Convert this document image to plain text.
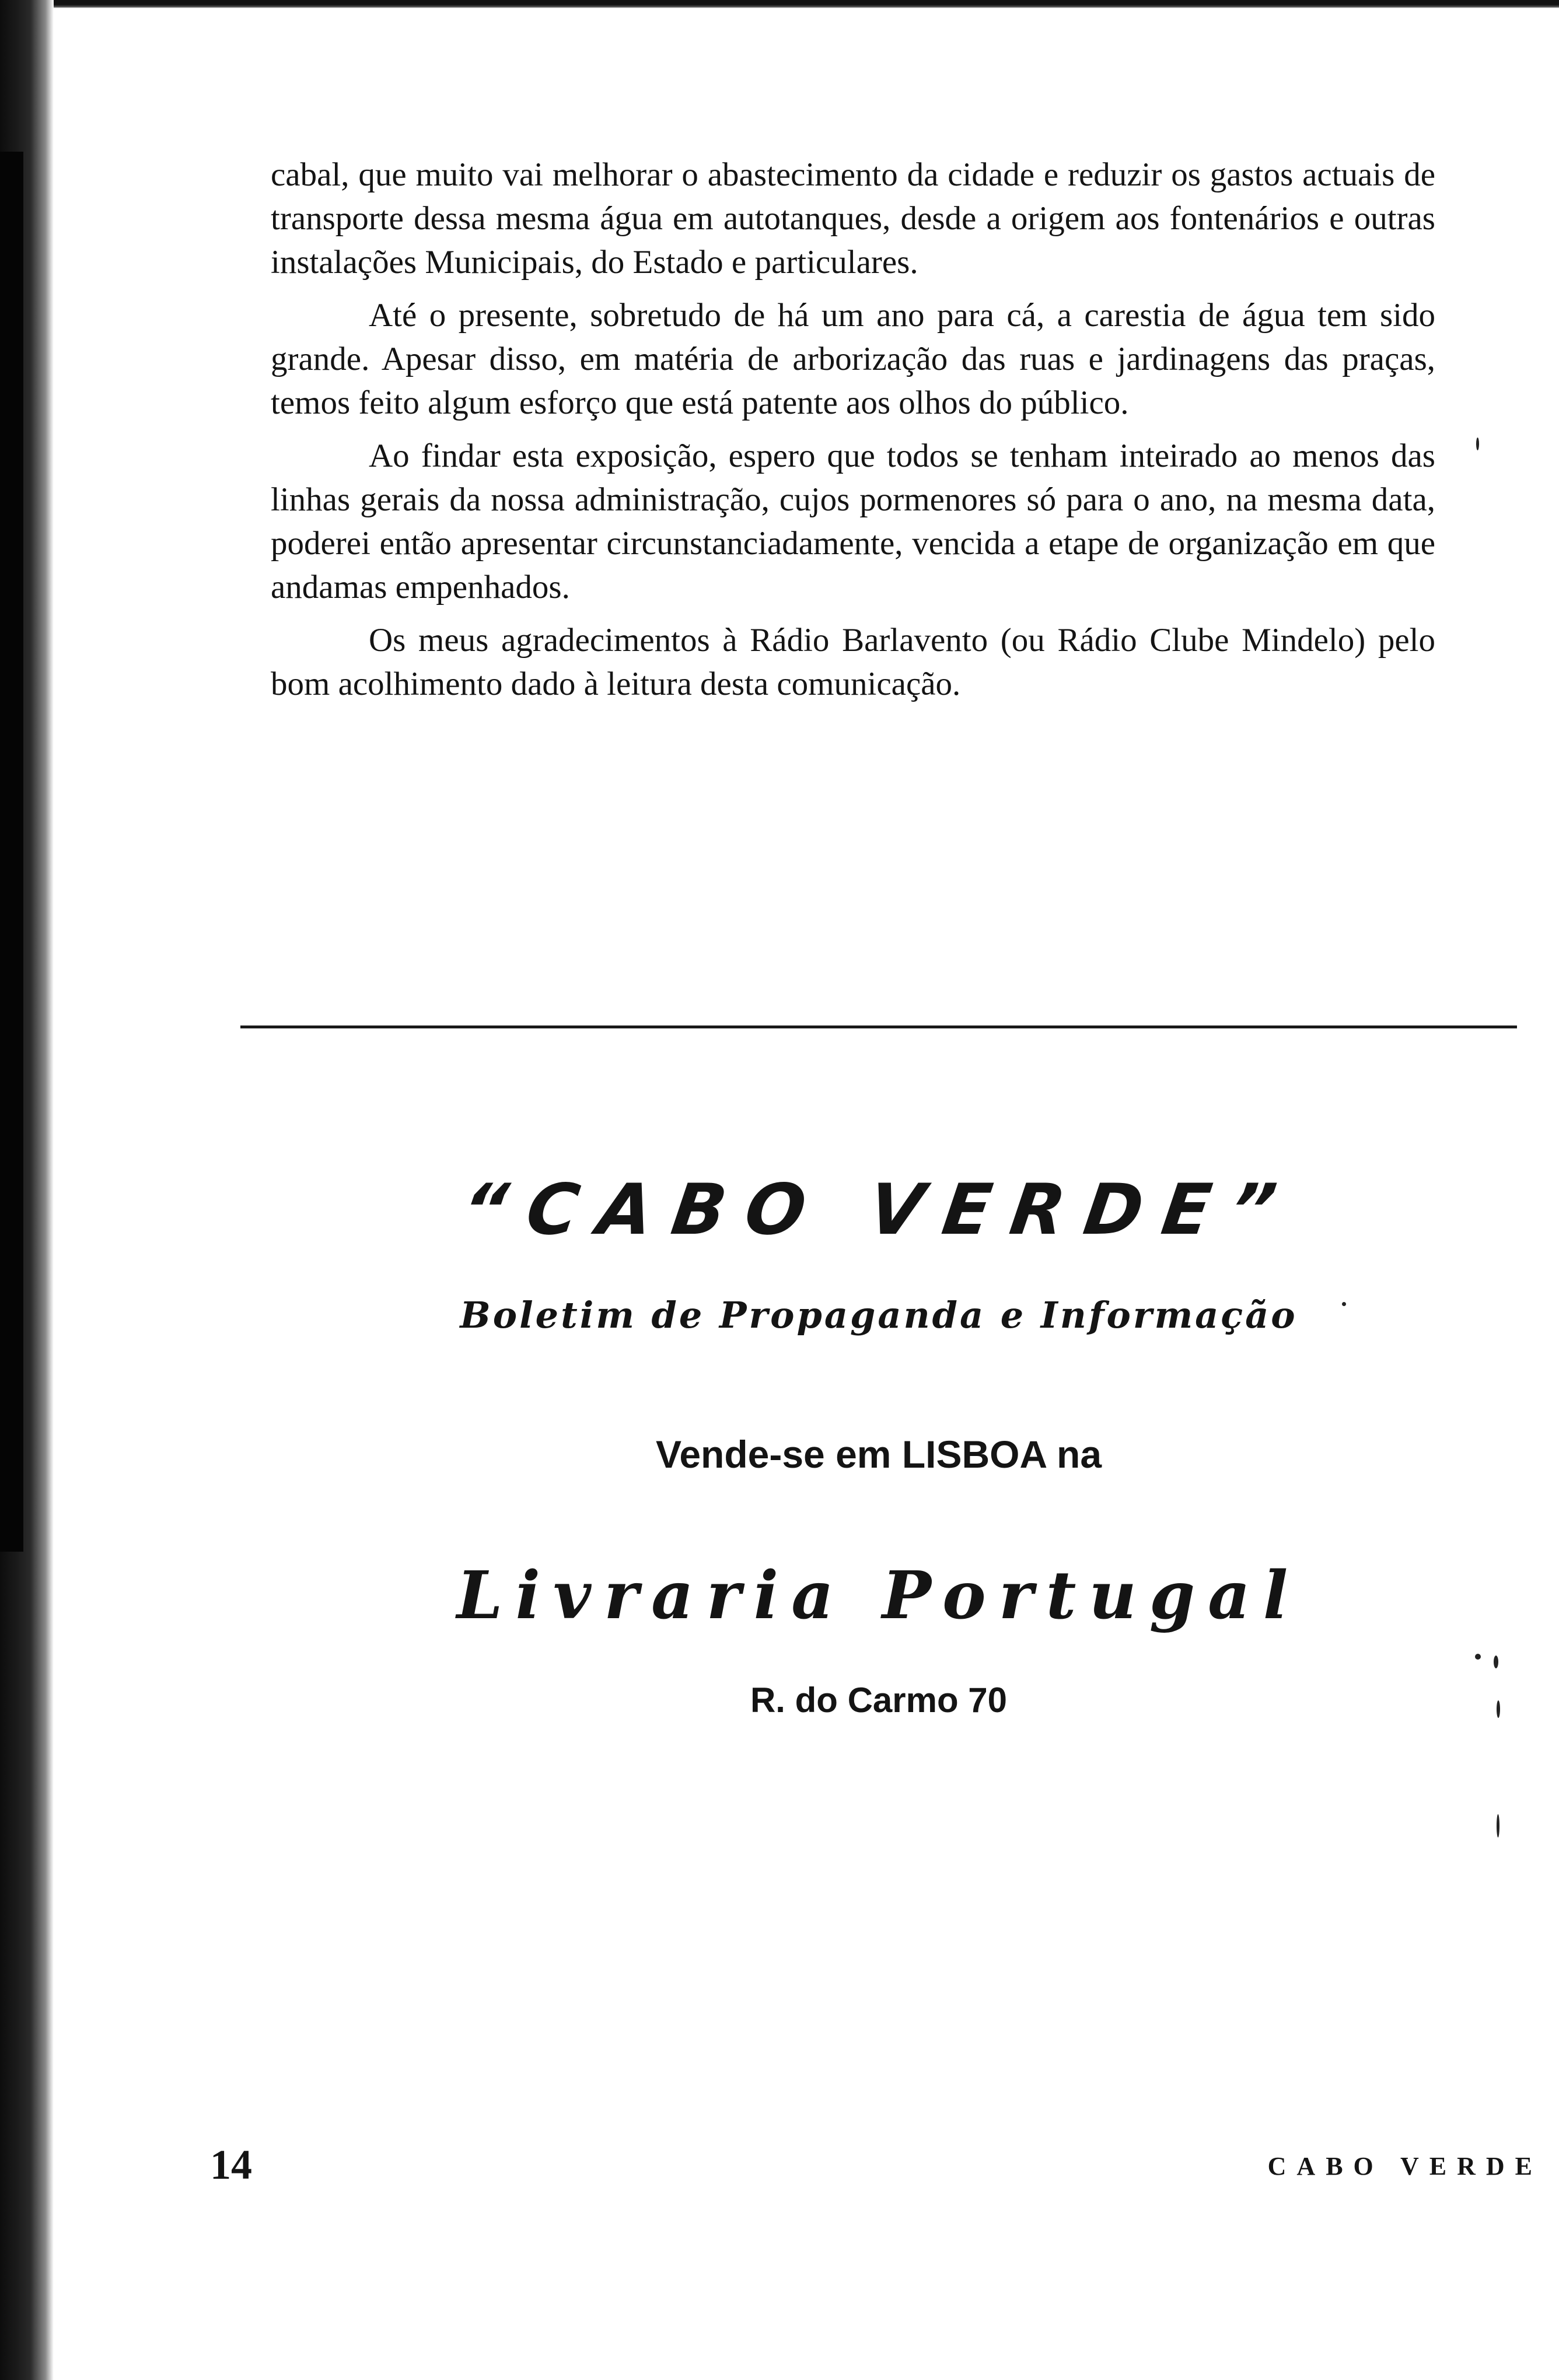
cabal, que muito vai melhorar o abastecimento da cidade e reduzir os gastos actuais de transporte dessa mesma água em autotanques, desde a origem aos fontenários e outras instalações Municipais, do Estado e particulares.

Até o presente, sobretudo de há um ano para cá, a carestia de água tem sido grande. Apesar disso, em matéria de arborização das ruas e jardinagens das praças, temos feito algum esforço que está patente aos olhos do público.

Ao findar esta exposição, espero que todos se tenham inteirado ao menos das linhas gerais da nossa administração, cujos pormenores só para o ano, na mesma data, poderei então apresentar circunstanciadamente, vencida a etape de organização em que andamas empenhados.

Os meus agradecimentos à Rádio Barlavento (ou Rádio Clube Mindelo) pelo bom acolhimento dado à leitura desta comunicação.

“CABO VERDE”
Boletim de Propaganda e Informação
Vende-se em LISBOA na
Livraria Portugal
R. do Carmo 70
14	CABO VERDE
